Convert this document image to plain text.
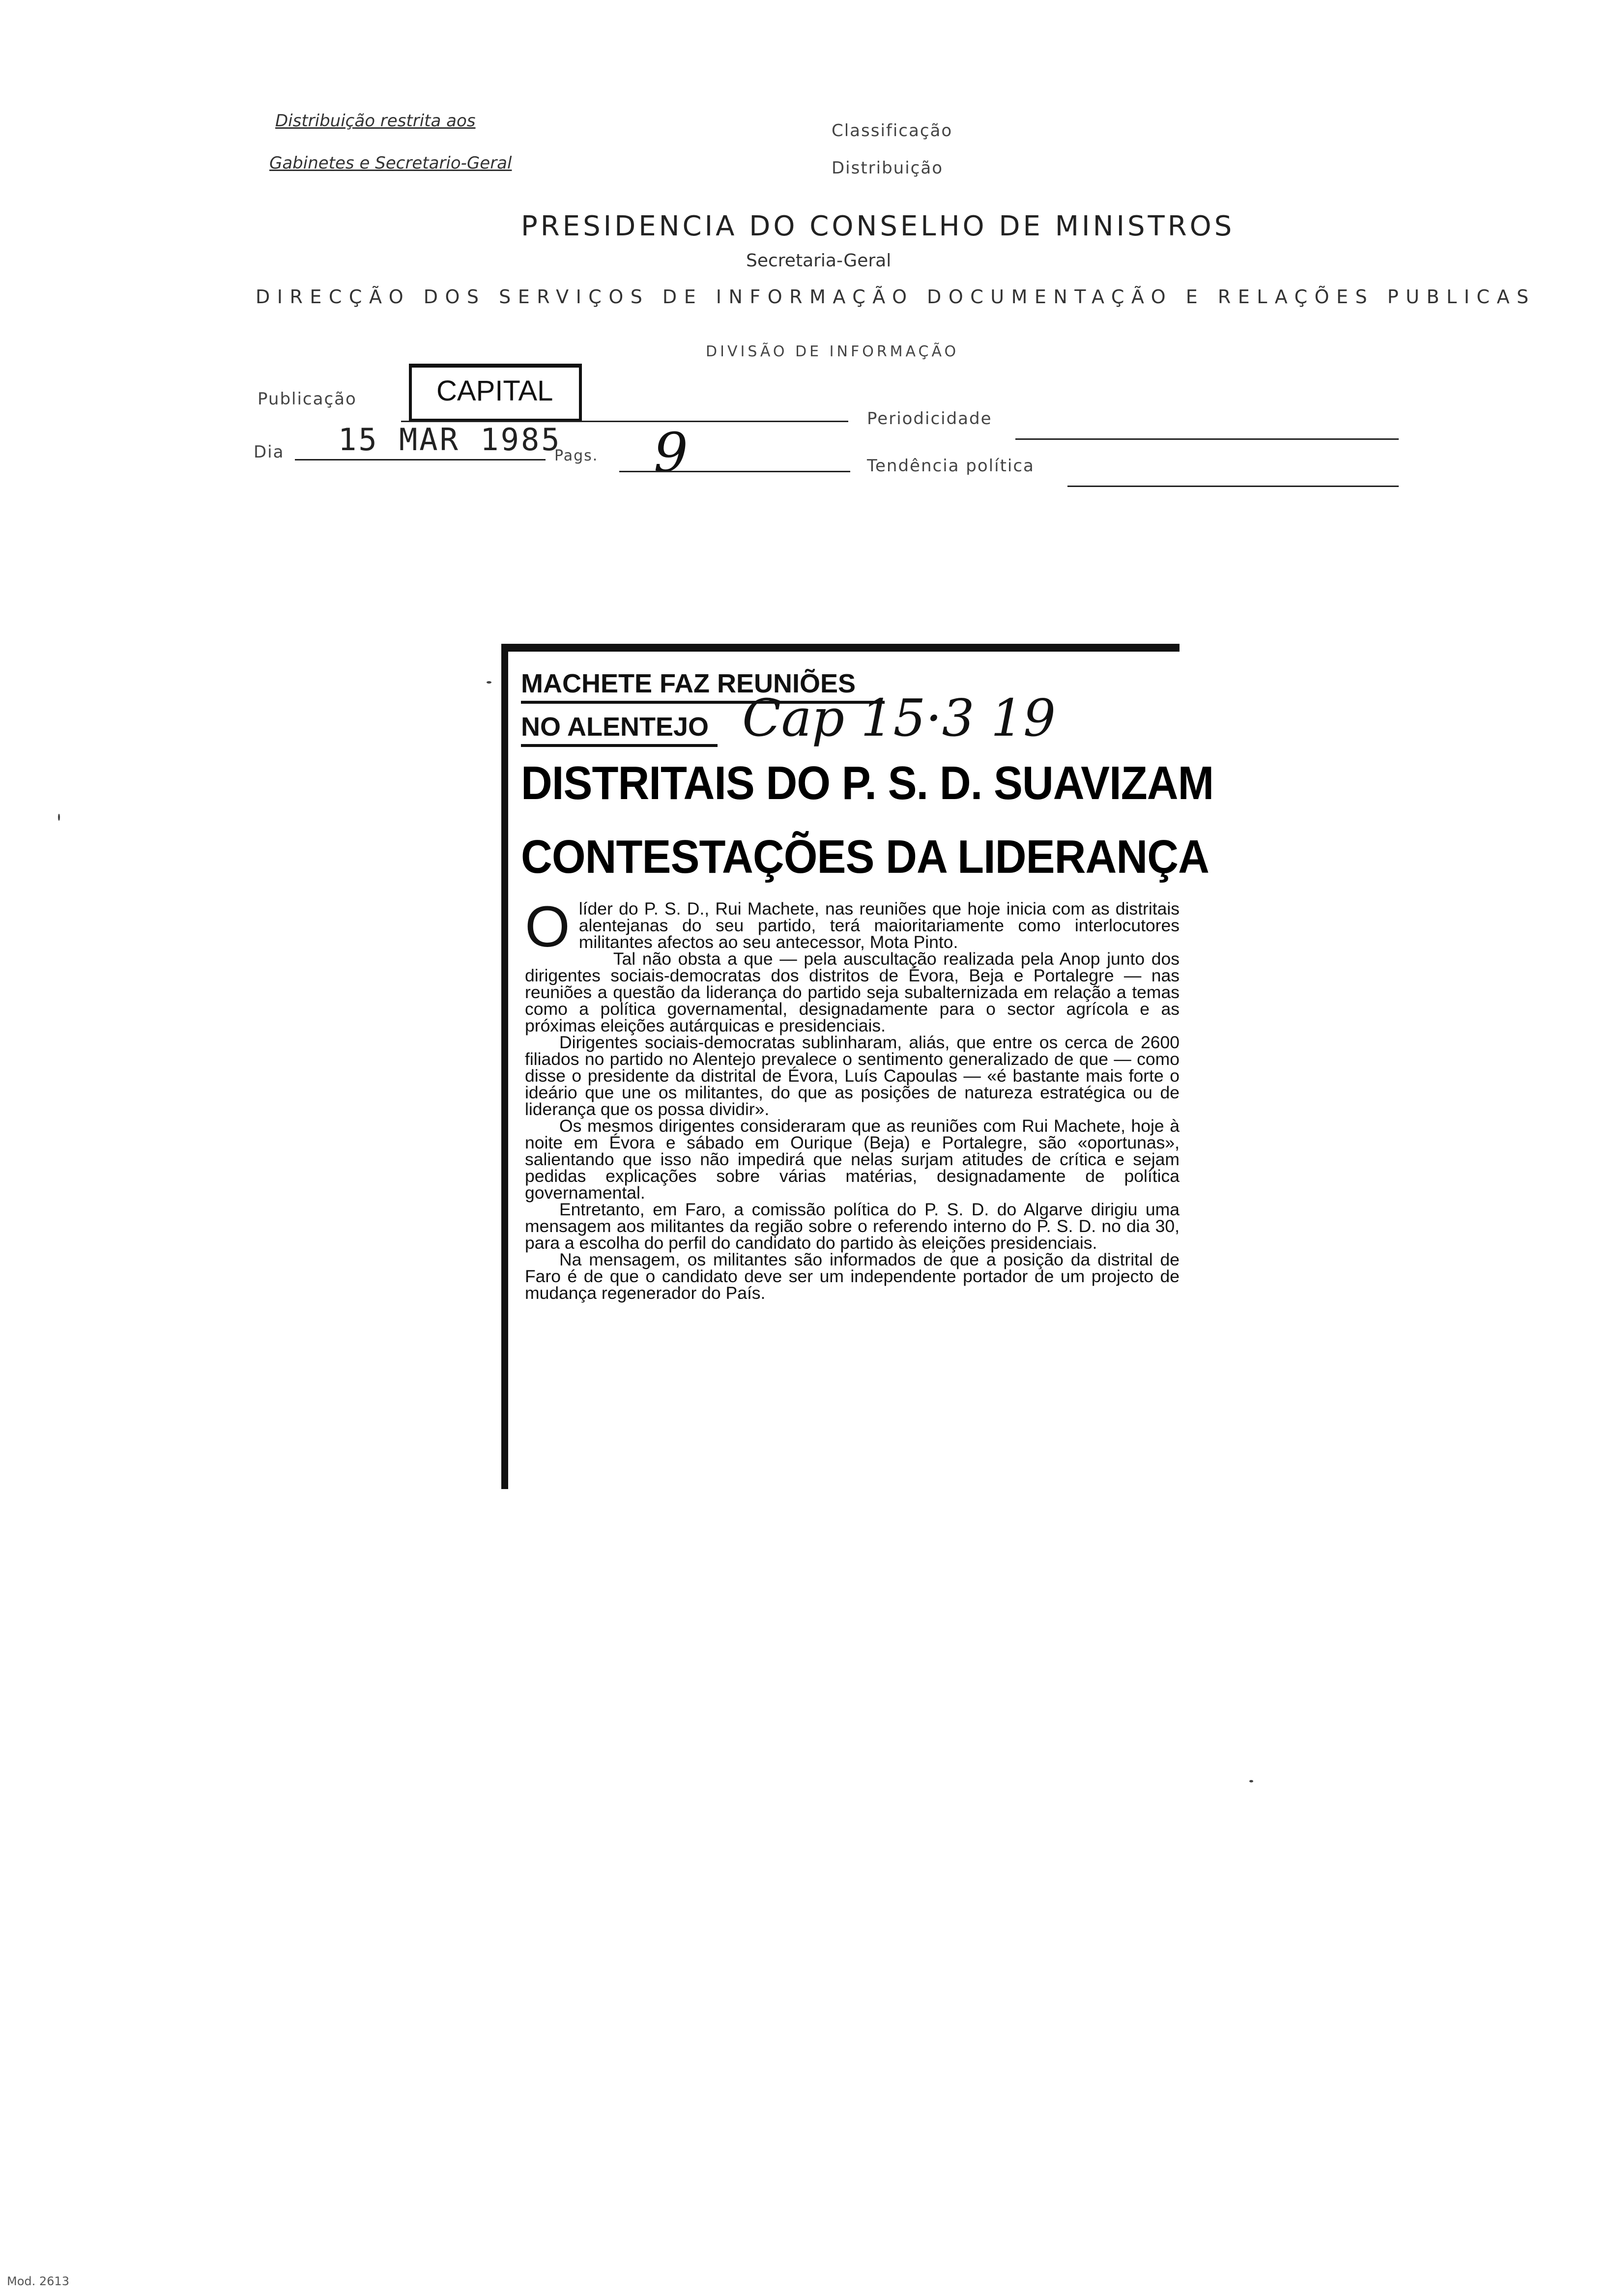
Distribuição restrita aos
Gabinetes e Secretario-Geral
Classificação
Distribuição
PRESIDENCIA DO CONSELHO DE MINISTROS
Secretaria-Geral
DIRECÇÃO DOS SERVIÇOS DE INFORMAÇÃO DOCUMENTAÇÃO E RELAÇÕES PUBLICAS
DIVISÃO DE INFORMAÇÃO
Publicação	CAPITAL
Periodicidade
Dia 15 MAR 1985
Pags. 9	Tendência política
MACHETE FAZ REUNIÕES
NO ALENTEJO Cap 15·3 19
DISTRITAIS DO P. S. D. SUAVIZAM
CONTESTAÇÕES DA LIDERANÇA

Olíder do P. S. D., Rui Machete, nas reuniões que hoje inicia com as distritais alentejanas do seu partido, terá maioritariamente como interlocutores militantes afectos ao seu antecessor, Mota Pinto.

Tal não obsta a que — pela auscultação realizada pela Anop junto dos dirigentes sociais-democratas dos distritos de Évora, Beja e Portalegre — nas reuniões a questão da liderança do partido seja subalternizada em relação a temas como a política governamental, designadamente para o sector agrícola e as próximas eleições autárquicas e presidenciais.

Dirigentes sociais-democratas sublinharam, aliás, que entre os cerca de 2600 filiados no partido no Alentejo prevalece o sentimento generalizado de que — como disse o presidente da distrital de Évora, Luís Capoulas — «é bastante mais forte o ideário que une os militantes, do que as posições de natureza estratégica ou de liderança que os possa dividir».

Os mesmos dirigentes consideraram que as reuniões com Rui Machete, hoje à noite em Évora e sábado em Ourique (Beja) e Portalegre, são «oportunas», salientando que isso não impedirá que nelas surjam atitudes de crítica e sejam pedidas explicações sobre várias matérias, designadamente de política governamental.

Entretanto, em Faro, a comissão política do P. S. D. do Algarve dirigiu uma mensagem aos militantes da região sobre o referendo interno do P. S. D. no dia 30, para a escolha do perfil do candidato do partido às eleições presidenciais.

Na mensagem, os militantes são informados de que a posição da distrital de Faro é de que o candidato deve ser um independente portador de um projecto de mudança regenerador do País.

Mod. 2613
